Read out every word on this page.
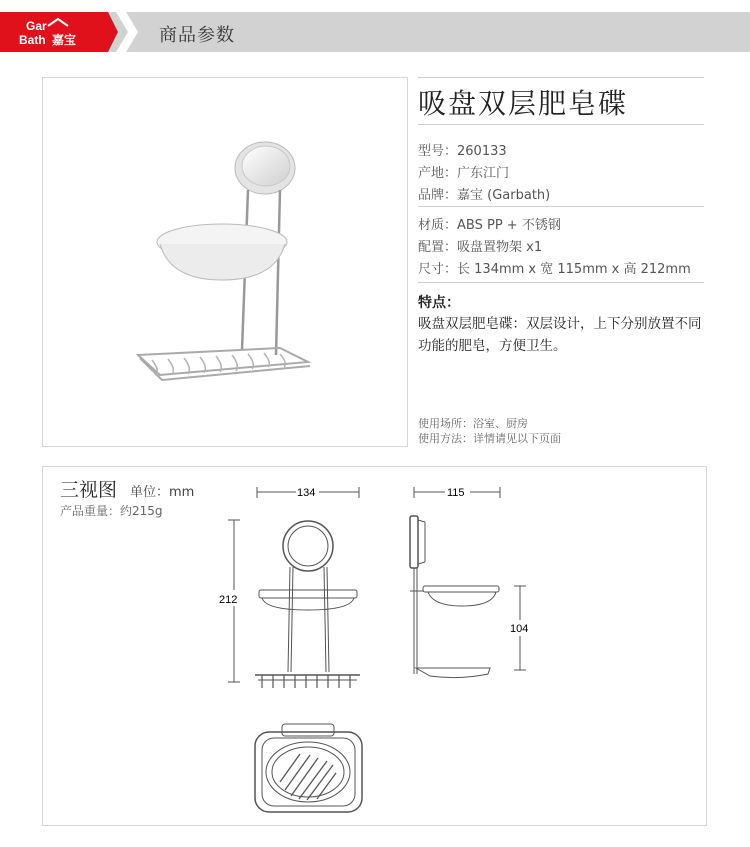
Gar
Bath 嘉宝	商品参数
吸盘双层肥皂碟
型号：260133
产地：广东江门
品牌：嘉宝 (Garbath)
材质：ABS PP + 不锈钢
配置：吸盘置物架 x1
尺寸：长 134mm x 宽 115mm x 高 212mm
特点：
吸盘双层肥皂碟：双层设计，上下分别放置不同功能的肥皂，方便卫生。
使用场所：浴室、厨房
使用方法：详情请见以下页面
三视图 单位：mm
产品重量：约215g
134	115
212
104
